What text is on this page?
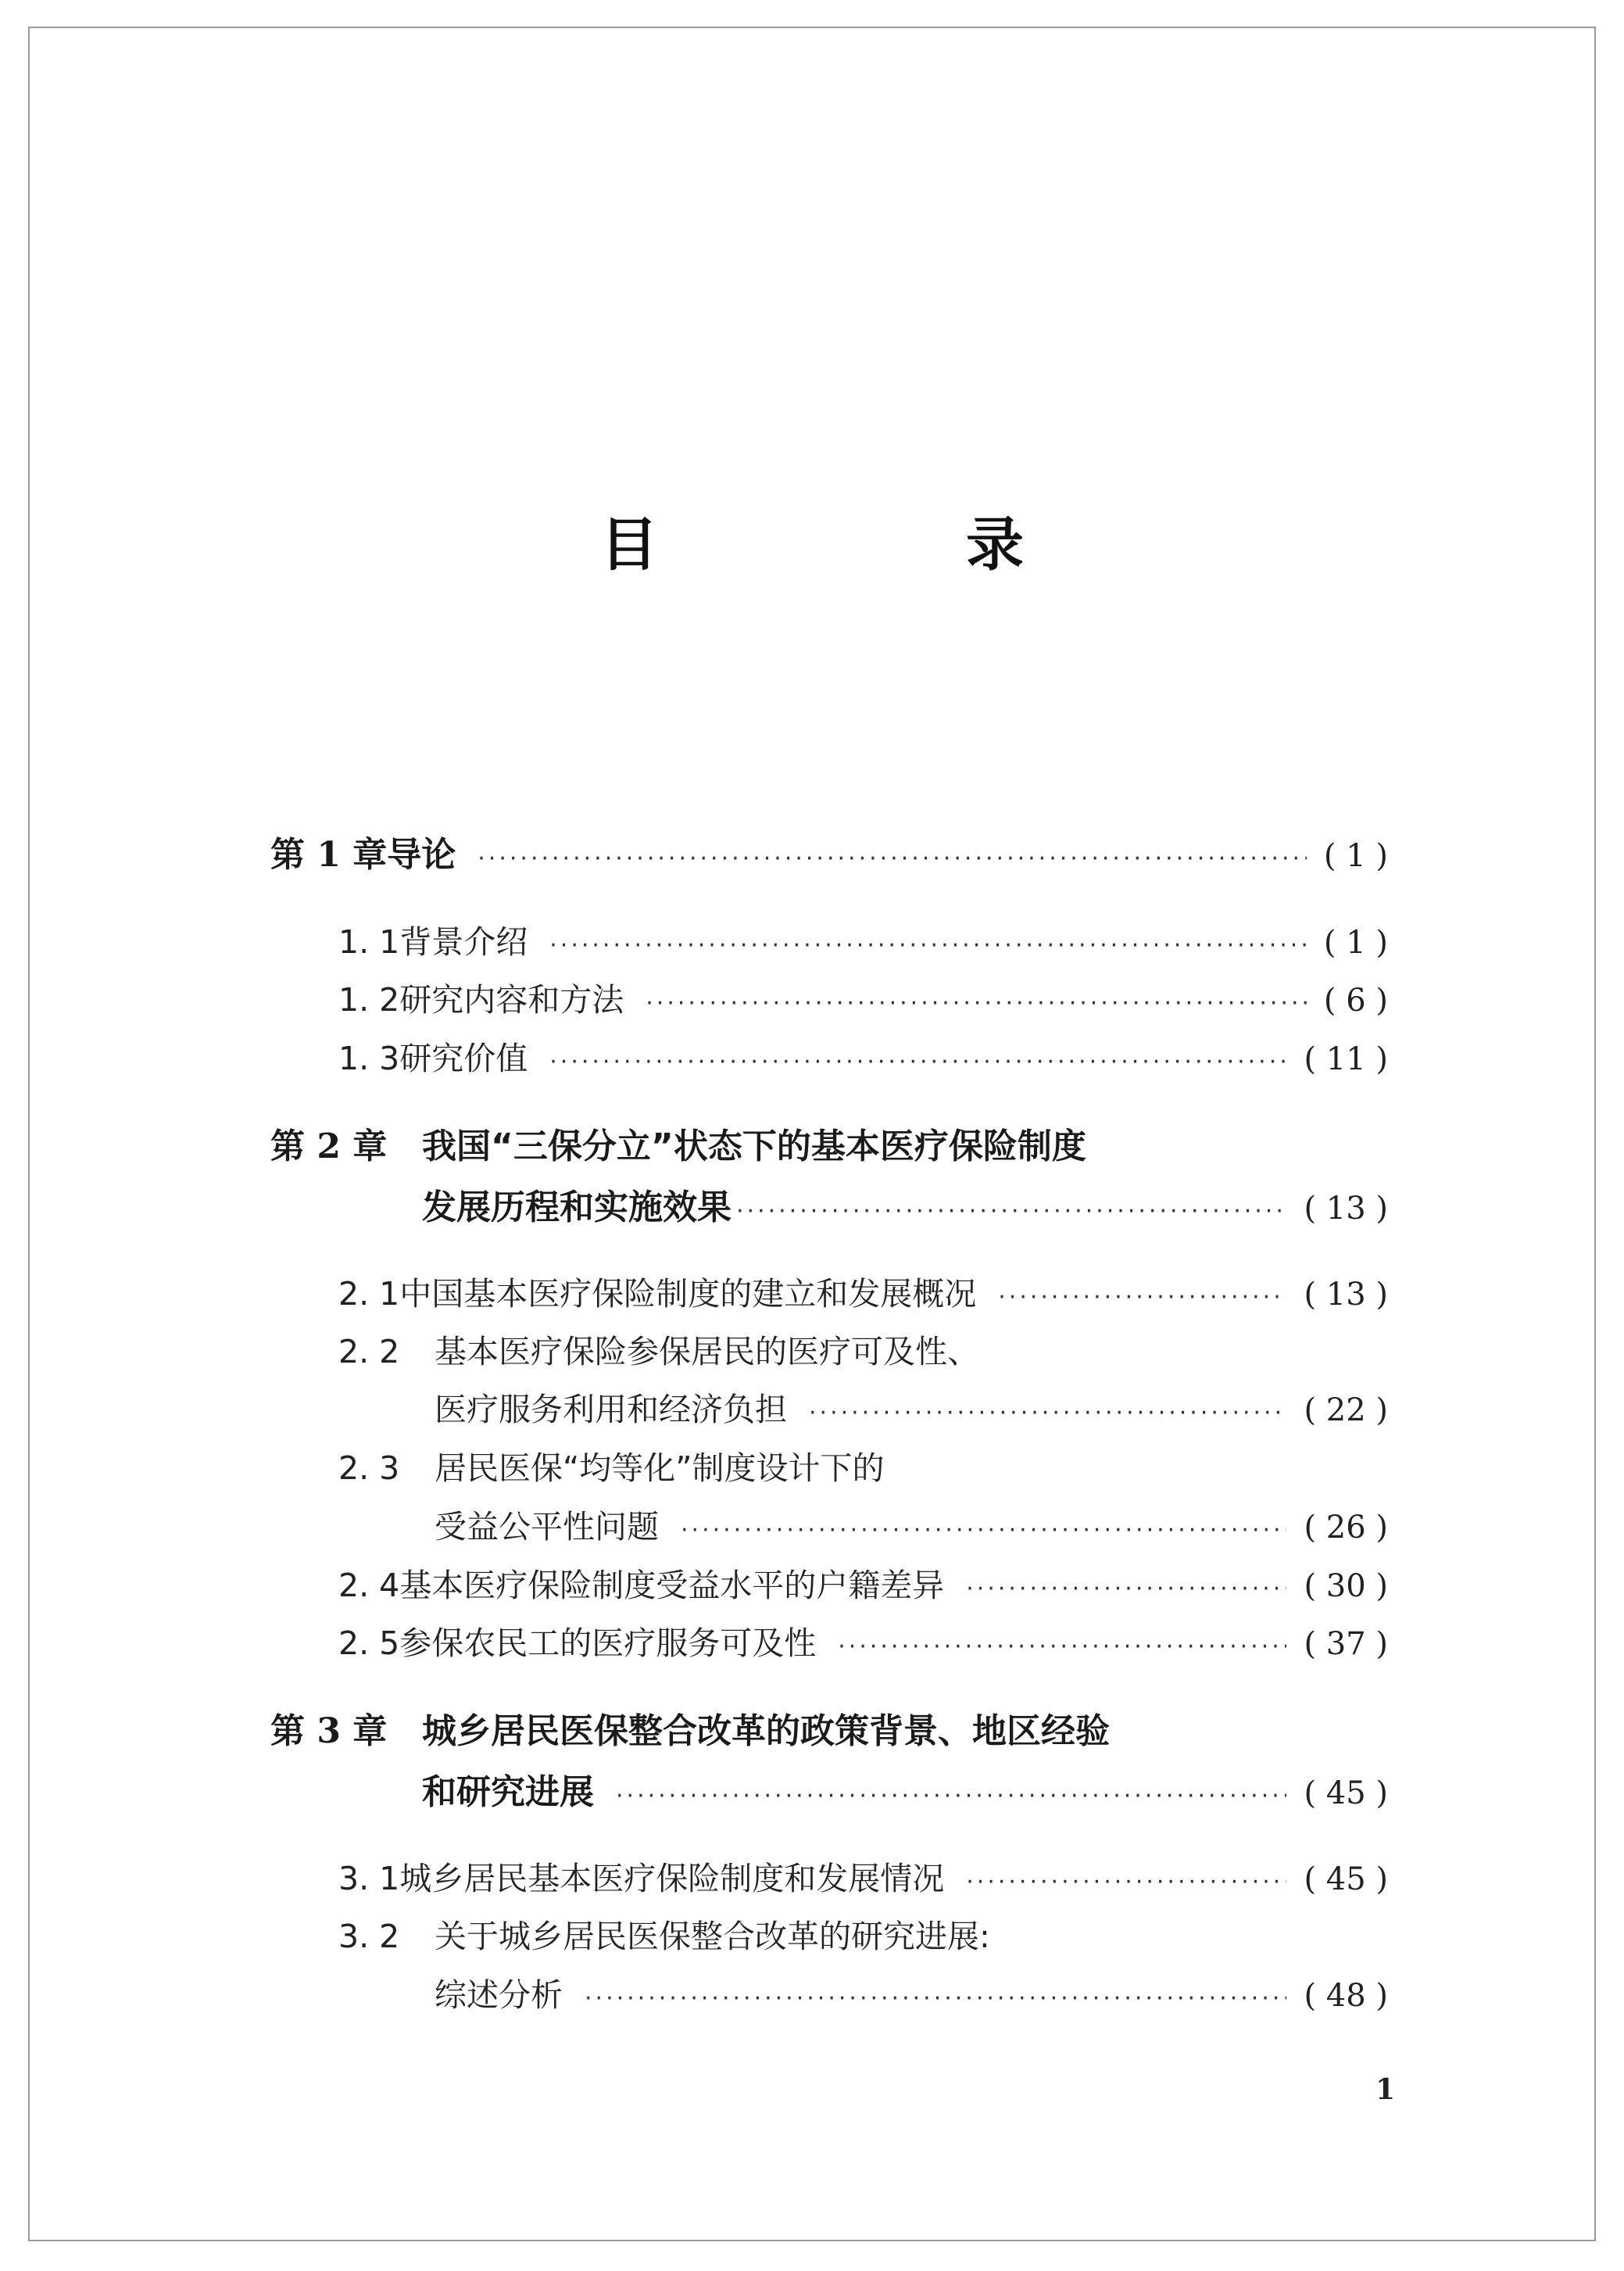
目　录
第 1 章 导论 ·····	( 1 )
1. 1 背景介绍 ·····	( 1 )
1. 2 研究内容和方法 ·····	( 6 )
1. 3 研究价值 ·····	( 11 )
第 2 章	我国“三保分立”状态下的基本医疗保险制度
发展历程和实施效果 ·····	( 13 )
2. 1 中国基本医疗保险制度的建立和发展概况 ·····	( 13 )
2. 2	基本医疗保险参保居民的医疗可及性、
医疗服务利用和经济负担 ·····	( 22 )
2. 3	居民医保“均等化”制度设计下的
受益公平性问题 ·····	( 26 )
2. 4 基本医疗保险制度受益水平的户籍差异 ·····	( 30 )
2. 5 参保农民工的医疗服务可及性 ·····	( 37 )
第 3 章	城乡居民医保整合改革的政策背景、地区经验
和研究进展 ·····	( 45 )
3. 1 城乡居民基本医疗保险制度和发展情况 ·····	( 45 )
3. 2	关于城乡居民医保整合改革的研究进展:
综述分析 ·····	( 48 )
1
